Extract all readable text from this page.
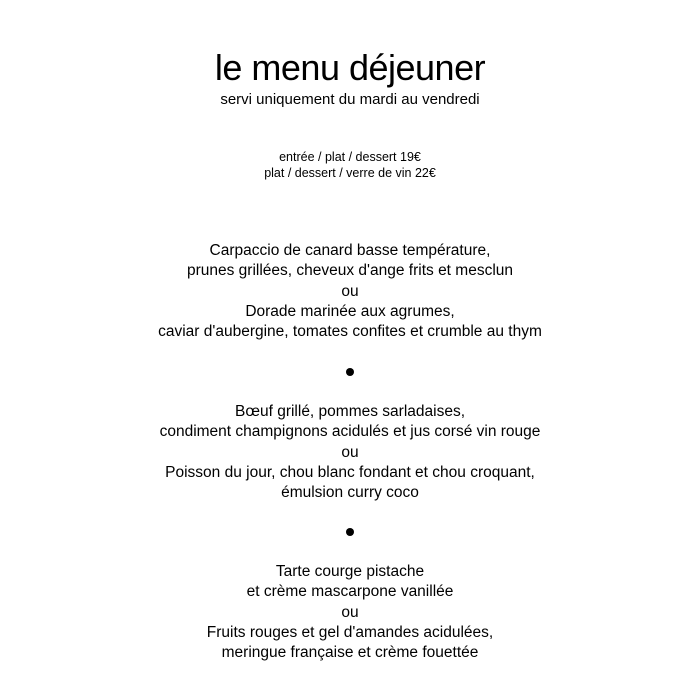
le menu déjeuner
servi uniquement du mardi au vendredi
entrée / plat / dessert 19€
plat / dessert / verre de vin 22€
Carpaccio de canard basse température,
prunes grillées, cheveux d'ange frits et mesclun
ou
Dorade marinée aux agrumes,
caviar d'aubergine, tomates confites et crumble au thym
Bœuf grillé, pommes sarladaises,
condiment champignons acidulés et jus corsé vin rouge
ou
Poisson du jour, chou blanc fondant et chou croquant,
émulsion curry coco
Tarte courge pistache
et crème mascarpone vanillée
ou
Fruits rouges et gel d'amandes acidulées,
meringue française et crème fouettée
